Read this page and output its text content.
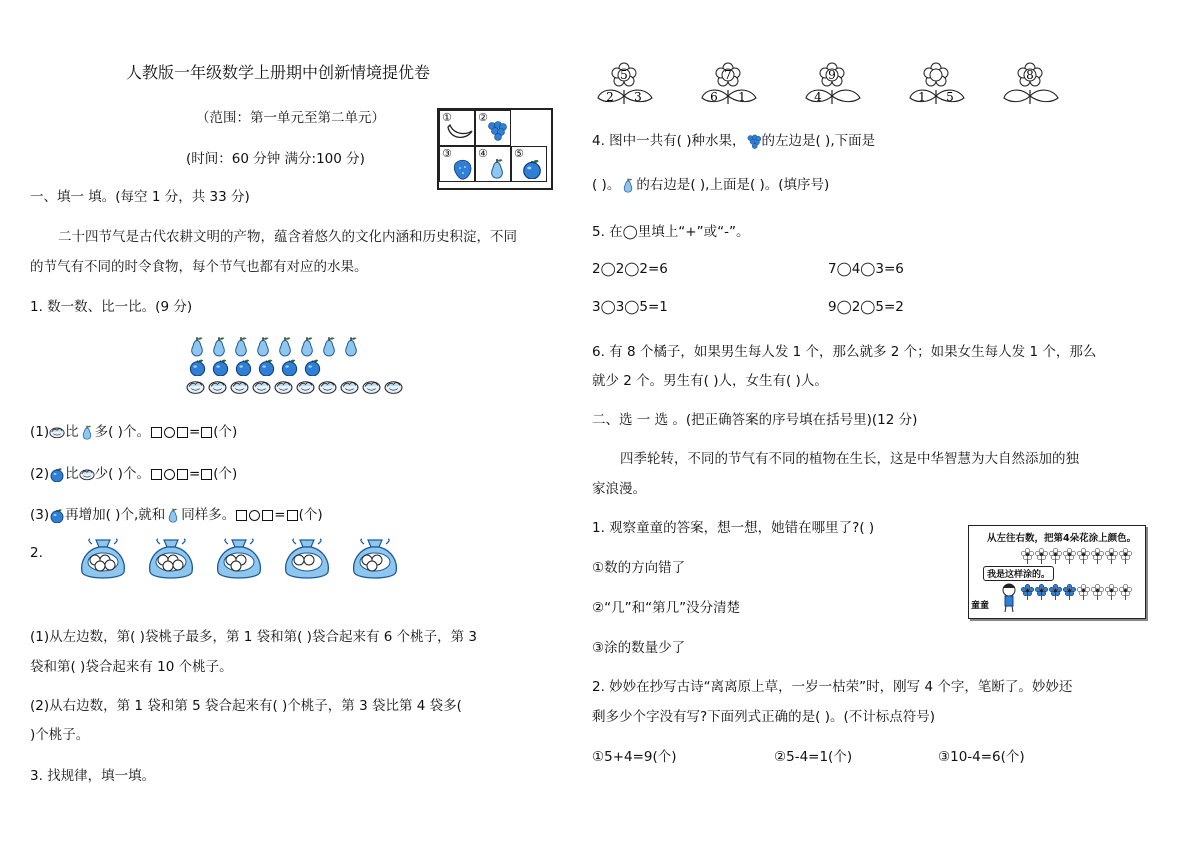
人教版一年级数学上册期中创新情境提优卷
（范围：第一单元至第二单元）
(时间：60 分钟 满分:100 分)
① ②
③ ④ ⑤
一、填一 填。(每空 1 分，共 33 分)
二十四节气是古代农耕文明的产物，蕴含着悠久的文化内涵和历史积淀，不同
的节气有不同的时令食物，每个节气也都有对应的水果。
1. 数一数、比一比。(9 分)
(1) 比 多( )个。	= (个)
(2) 比 少( )个。	= (个)
(3) 再增加( )个,就和 同样多。	= (个)
2.
(1)从左边数，第( )袋桃子最多，第 1 袋和第( )袋合起来有 6 个桃子，第 3
袋和第( )袋合起来有 10 个桃子。
(2)从右边数，第 1 袋和第 5 袋合起来有( )个桃子，第 3 袋比第 4 袋多(
)个桃子。
3. 找规律，填一填。
5
2 3
7
6 1
9
4	1 5
8
4. 图中一共有( )种水果， 的左边是( ),下面是
( )。 的右边是( ),上面是( )。(填序号)
5. 在◯里填上“+”或“-”。
2◯2◯2=6	7◯4◯3=6
3◯3◯5=1	9◯2◯5=2
6. 有 8 个橘子，如果男生每人发 1 个，那么就多 2 个；如果女生每人发 1 个，那么
就少 2 个。男生有( )人，女生有( )人。
二、选 一 选 。(把正确答案的序号填在括号里)(12 分)
四季轮转，不同的节气有不同的植物在生长，这是中华智慧为大自然添加的独
家浪漫。
1. 观察童童的答案，想一想，她错在哪里了?( )
①数的方向错了
②“几”和“第几”没分清楚
③涂的数量少了
从左往右数，把第4朵花涂上颜色。
我是这样涂的。
童童
2. 妙妙在抄写古诗“离离原上草，一岁一枯荣”时，刚写 4 个字，笔断了。妙妙还
剩多少个字没有写?下面列式正确的是( )。(不计标点符号)
①5+4=9(个)	②5-4=1(个)	③10-4=6(个)
